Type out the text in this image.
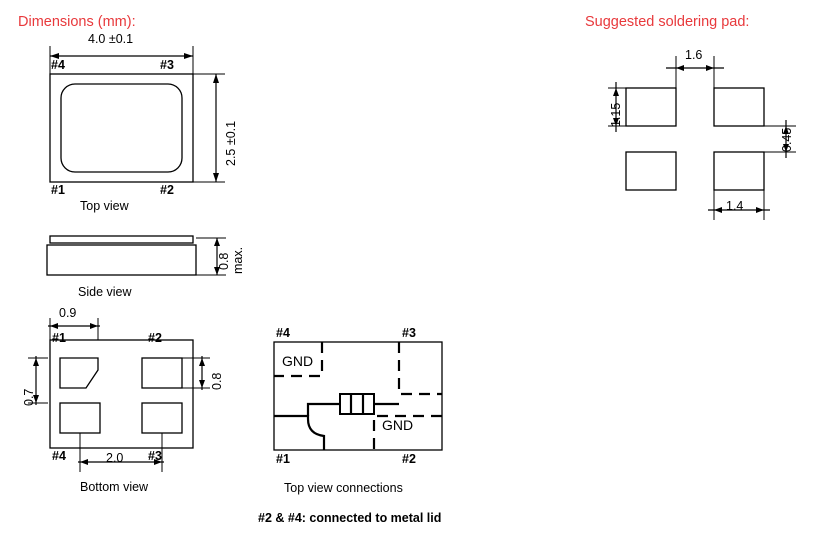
Dimensions (mm):	Suggested soldering pad:
4.0 ±0.1
2.5 ±0.1
#4	#3
#1	#2
Top view
0.8 max.
Side view
0.9
0.8
0.7
2.0
#1	#2
#4	#3
Bottom view
#4	#3
#1	#2
GND
GND
Top view connections
#2 & #4: connected to metal lid
1.6
1.15
0.45
1.4
